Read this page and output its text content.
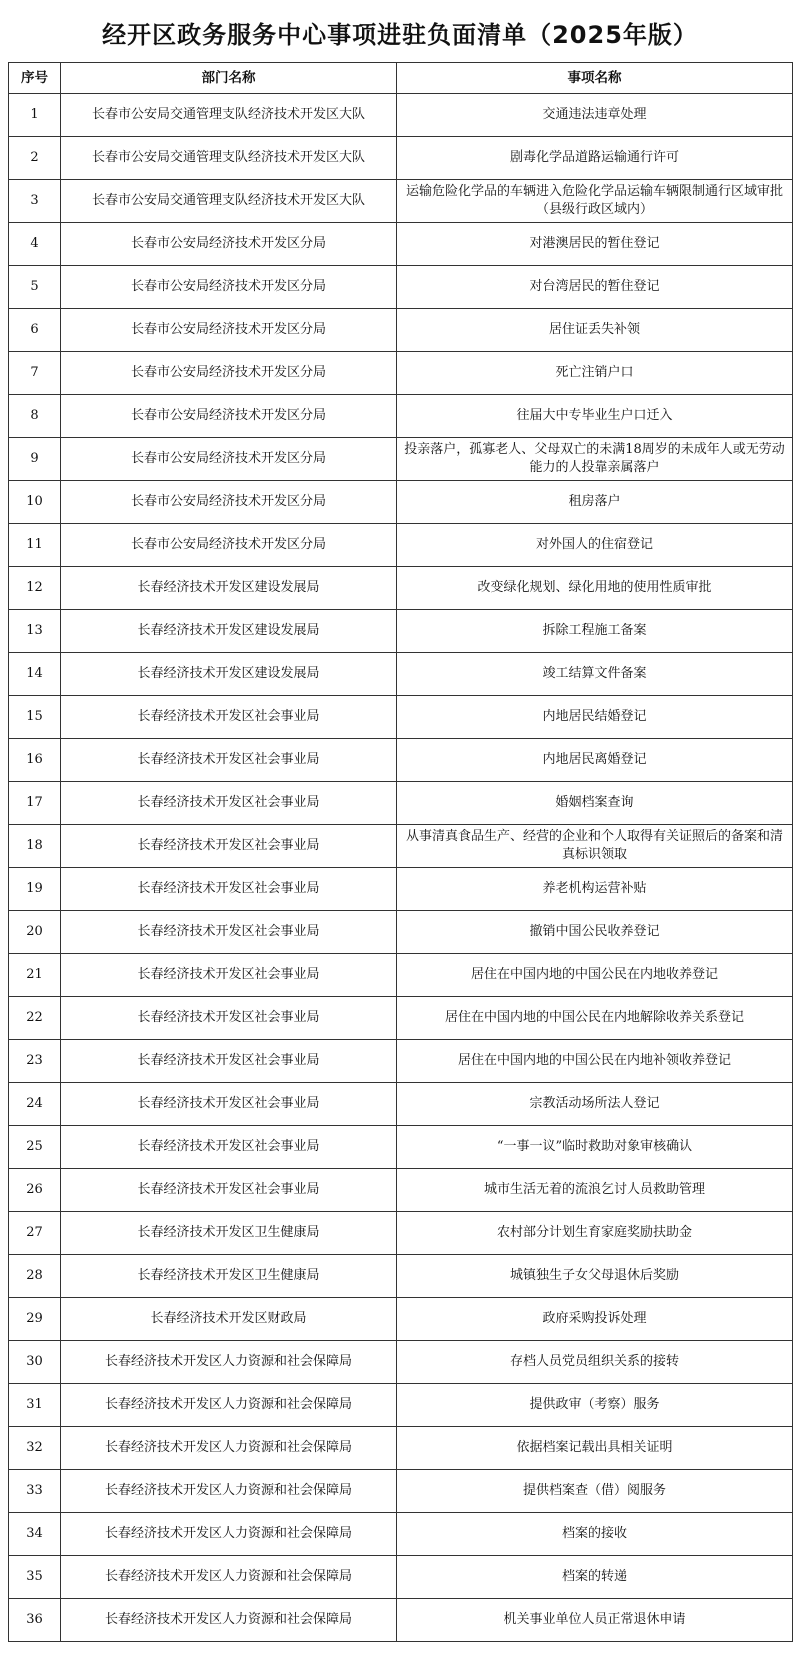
经开区政务服务中心事项进驻负面清单（2025年版）
序号	部门名称	事项名称
1	长春市公安局交通管理支队经济技术开发区大队	交通违法违章处理
2	长春市公安局交通管理支队经济技术开发区大队	剧毒化学品道路运输通行许可
3	长春市公安局交通管理支队经济技术开发区大队	运输危险化学品的车辆进入危险化学品运输车辆限制通行区域审批（县级行政区域内）
4	长春市公安局经济技术开发区分局	对港澳居民的暂住登记
5	长春市公安局经济技术开发区分局	对台湾居民的暂住登记
6	长春市公安局经济技术开发区分局	居住证丢失补领
7	长春市公安局经济技术开发区分局	死亡注销户口
8	长春市公安局经济技术开发区分局	往届大中专毕业生户口迁入
9	长春市公安局经济技术开发区分局	投亲落户，孤寡老人、父母双亡的未满18周岁的未成年人或无劳动能力的人投靠亲属落户
10	长春市公安局经济技术开发区分局	租房落户
11	长春市公安局经济技术开发区分局	对外国人的住宿登记
12	长春经济技术开发区建设发展局	改变绿化规划、绿化用地的使用性质审批
13	长春经济技术开发区建设发展局	拆除工程施工备案
14	长春经济技术开发区建设发展局	竣工结算文件备案
15	长春经济技术开发区社会事业局	内地居民结婚登记
16	长春经济技术开发区社会事业局	内地居民离婚登记
17	长春经济技术开发区社会事业局	婚姻档案查询
18	长春经济技术开发区社会事业局	从事清真食品生产、经营的企业和个人取得有关证照后的备案和清真标识领取
19	长春经济技术开发区社会事业局	养老机构运营补贴
20	长春经济技术开发区社会事业局	撤销中国公民收养登记
21	长春经济技术开发区社会事业局	居住在中国内地的中国公民在内地收养登记
22	长春经济技术开发区社会事业局	居住在中国内地的中国公民在内地解除收养关系登记
23	长春经济技术开发区社会事业局	居住在中国内地的中国公民在内地补领收养登记
24	长春经济技术开发区社会事业局	宗教活动场所法人登记
25	长春经济技术开发区社会事业局	“一事一议”临时救助对象审核确认
26	长春经济技术开发区社会事业局	城市生活无着的流浪乞讨人员救助管理
27	长春经济技术开发区卫生健康局	农村部分计划生育家庭奖励扶助金
28	长春经济技术开发区卫生健康局	城镇独生子女父母退休后奖励
29	长春经济技术开发区财政局	政府采购投诉处理
30	长春经济技术开发区人力资源和社会保障局	存档人员党员组织关系的接转
31	长春经济技术开发区人力资源和社会保障局	提供政审（考察）服务
32	长春经济技术开发区人力资源和社会保障局	依据档案记载出具相关证明
33	长春经济技术开发区人力资源和社会保障局	提供档案查（借）阅服务
34	长春经济技术开发区人力资源和社会保障局	档案的接收
35	长春经济技术开发区人力资源和社会保障局	档案的转递
36	长春经济技术开发区人力资源和社会保障局	机关事业单位人员正常退休申请
